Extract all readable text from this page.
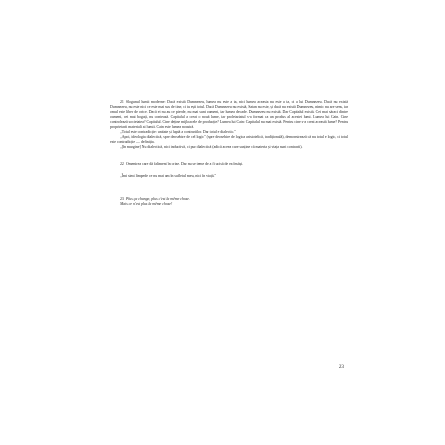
21 Slogunul lumii moderne: Dacă există Dumnezeu, lumea nu este a ta, nici lumea aceasta nu este a ta, ci a lui Dumnezeu. Dacă nu există Dumnezeu, nu este nici ce este mai sus de tine, ci tu ești totul. Dacă Dumnezeu nu există, Satan nu este, și dacă nu există Dumnezeu, nimic nu are sens, iar omul este liber de orice. Dacă ei nu au ce pierde, nu mai sunt oameni, iar lumea decade. Dumnezeu nu există. Dar Capitalul există. Cei mai săraci dintre oameni, cei mai bogați, nu contează. Capitalul a creat o nouă lume, iar proletariatul s-a format ca un produs al acestei lumi. Lumea lui Cain. Cine controlează societatea? Capitalul. Cine deține mijloacele de producție? Lumea lui Cain: Capitalul nu mai există. Pentru cine s-a creat această lume? Pentru proprietarii materiali ai lumii. Cain este lumea noastră.

„Totul este contradicție: unitate și luptă a contrariilor. Dar totul e dialectic."

„Apoi, ideologia dialectică, spre deosebire de cel logic" (spre deosebire de logica aristotelică, tradițională), demonstrează că nu totul e logic, ci totul este contradicție — definiția.

„[în margine] Nu dialectică, nici inductivă, ci pur dialectică (adică aceea care susține că materia și viața sunt contrarii).

22 Omenirea care dă faliment în crize. Dar nu se teme de a fi ucisă de ea însăși.

„Îmi simt limpede ce nu mai am în sufletul meu, nici în viață."

23 Plus ça change, plus c'est la même chose.

Mais ce n'est plus la même chose!

23
